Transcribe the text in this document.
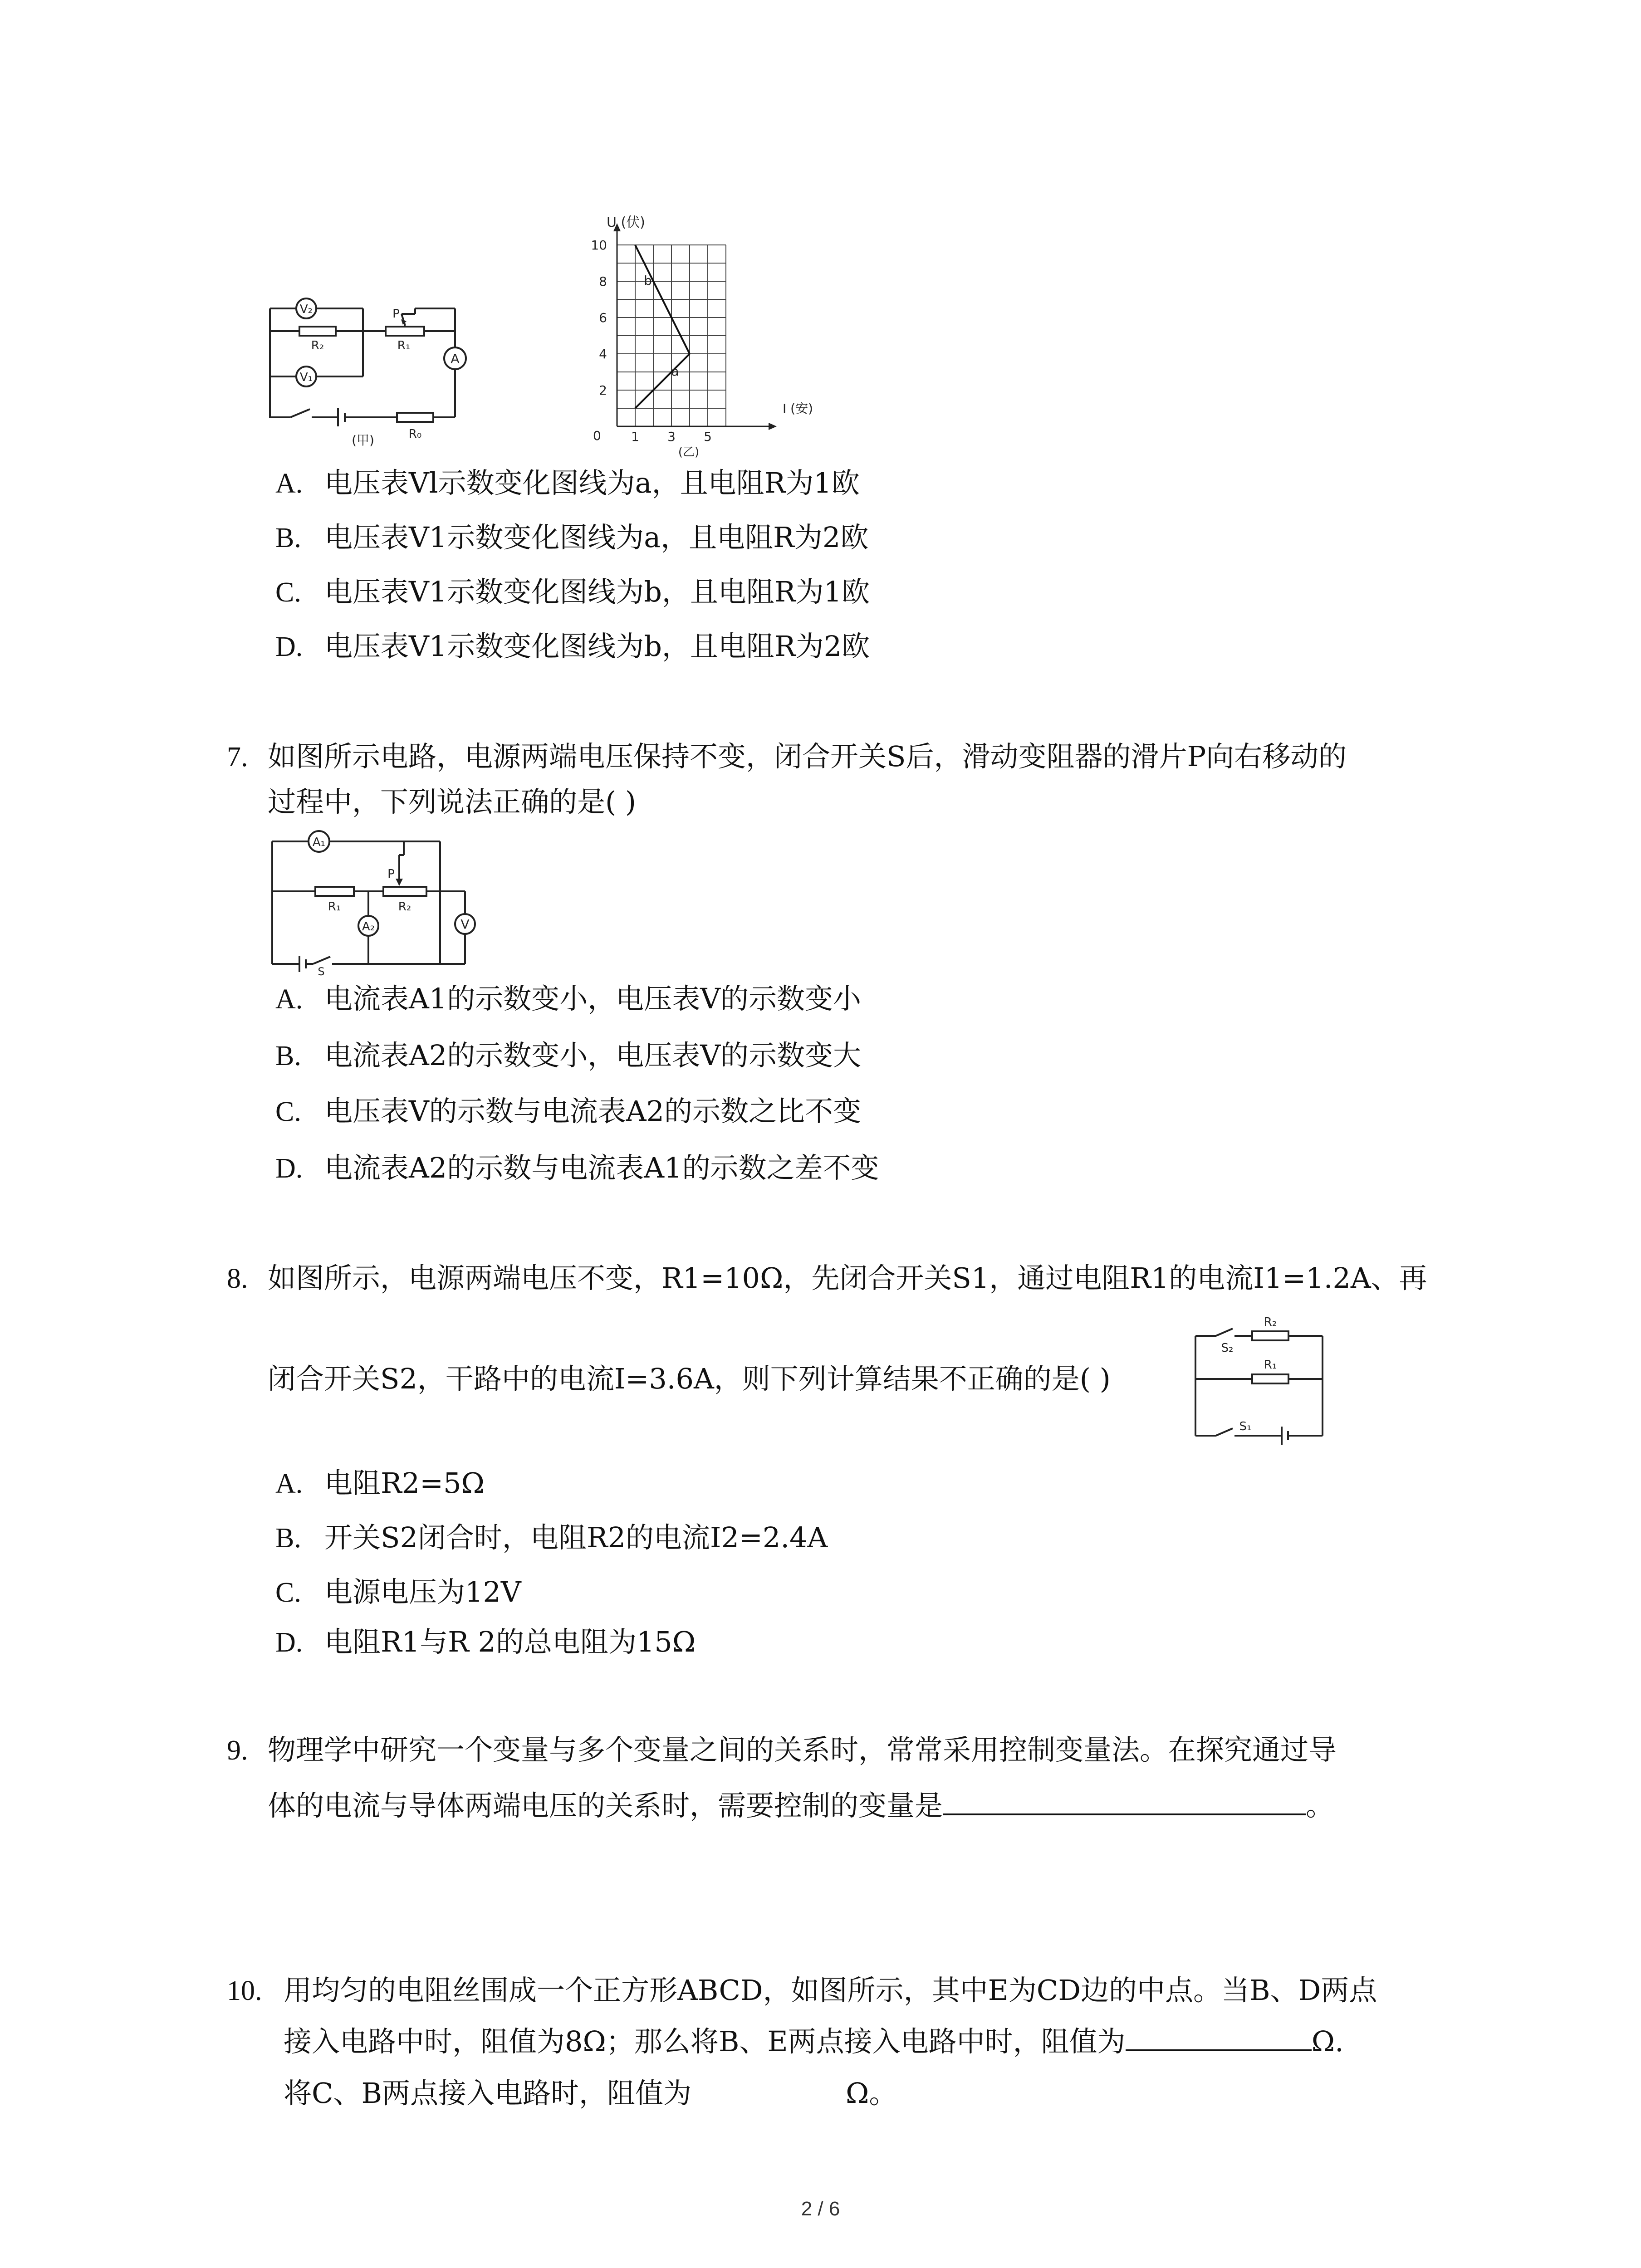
V₂
V₁
A
R₂	R₁
P
R₀
(甲)
b
a
2
4
6
8
10
1 3 5
U (伏)
I (安)
0
(乙)
A. 电压表Vl示数变化图线为a，且电阻R为1欧
B. 电压表V1示数变化图线为a，且电阻R为2欧
C. 电压表V1示数变化图线为b，且电阻R为1欧
D. 电压表V1示数变化图线为b，且电阻R为2欧
7. 如图所示电路，电源两端电压保持不变，闭合开关S后，滑动变阻器的滑片P向右移动的
过程中，下列说法正确的是( )
A₁
A₂	V
R₁	R₂
P
S
A. 电流表A1的示数变小，电压表V的示数变小
B. 电流表A2的示数变小，电压表V的示数变大
C. 电压表V的示数与电流表A2的示数之比不变
D. 电流表A2的示数与电流表A1的示数之差不变
8. 如图所示，电源两端电压不变，R1=10Ω，先闭合开关S1，通过电阻R1的电流I1=1.2A、再
闭合开关S2，干路中的电流I=3.6A，则下列计算结果不正确的是( )
R₂
S₂
R₁
S₁
A. 电阻R2=5Ω
B. 开关S2闭合时，电阻R2的电流I2=2.4A
C. 电源电压为12V
D. 电阻R1与R 2的总电阻为15Ω
9. 物理学中研究一个变量与多个变量之间的关系时，常常采用控制变量法。在探究通过导
体的电流与导体两端电压的关系时，需要控制的变量是	。
10. 用均匀的电阻丝围成一个正方形ABCD，如图所示，其中E为CD边的中点。当B、D两点
接入电路中时，阻值为8Ω；那么将B、E两点接入电路中时，阻值为	Ω.
将C、B两点接入电路时，阻值为	Ω。
2 / 6
